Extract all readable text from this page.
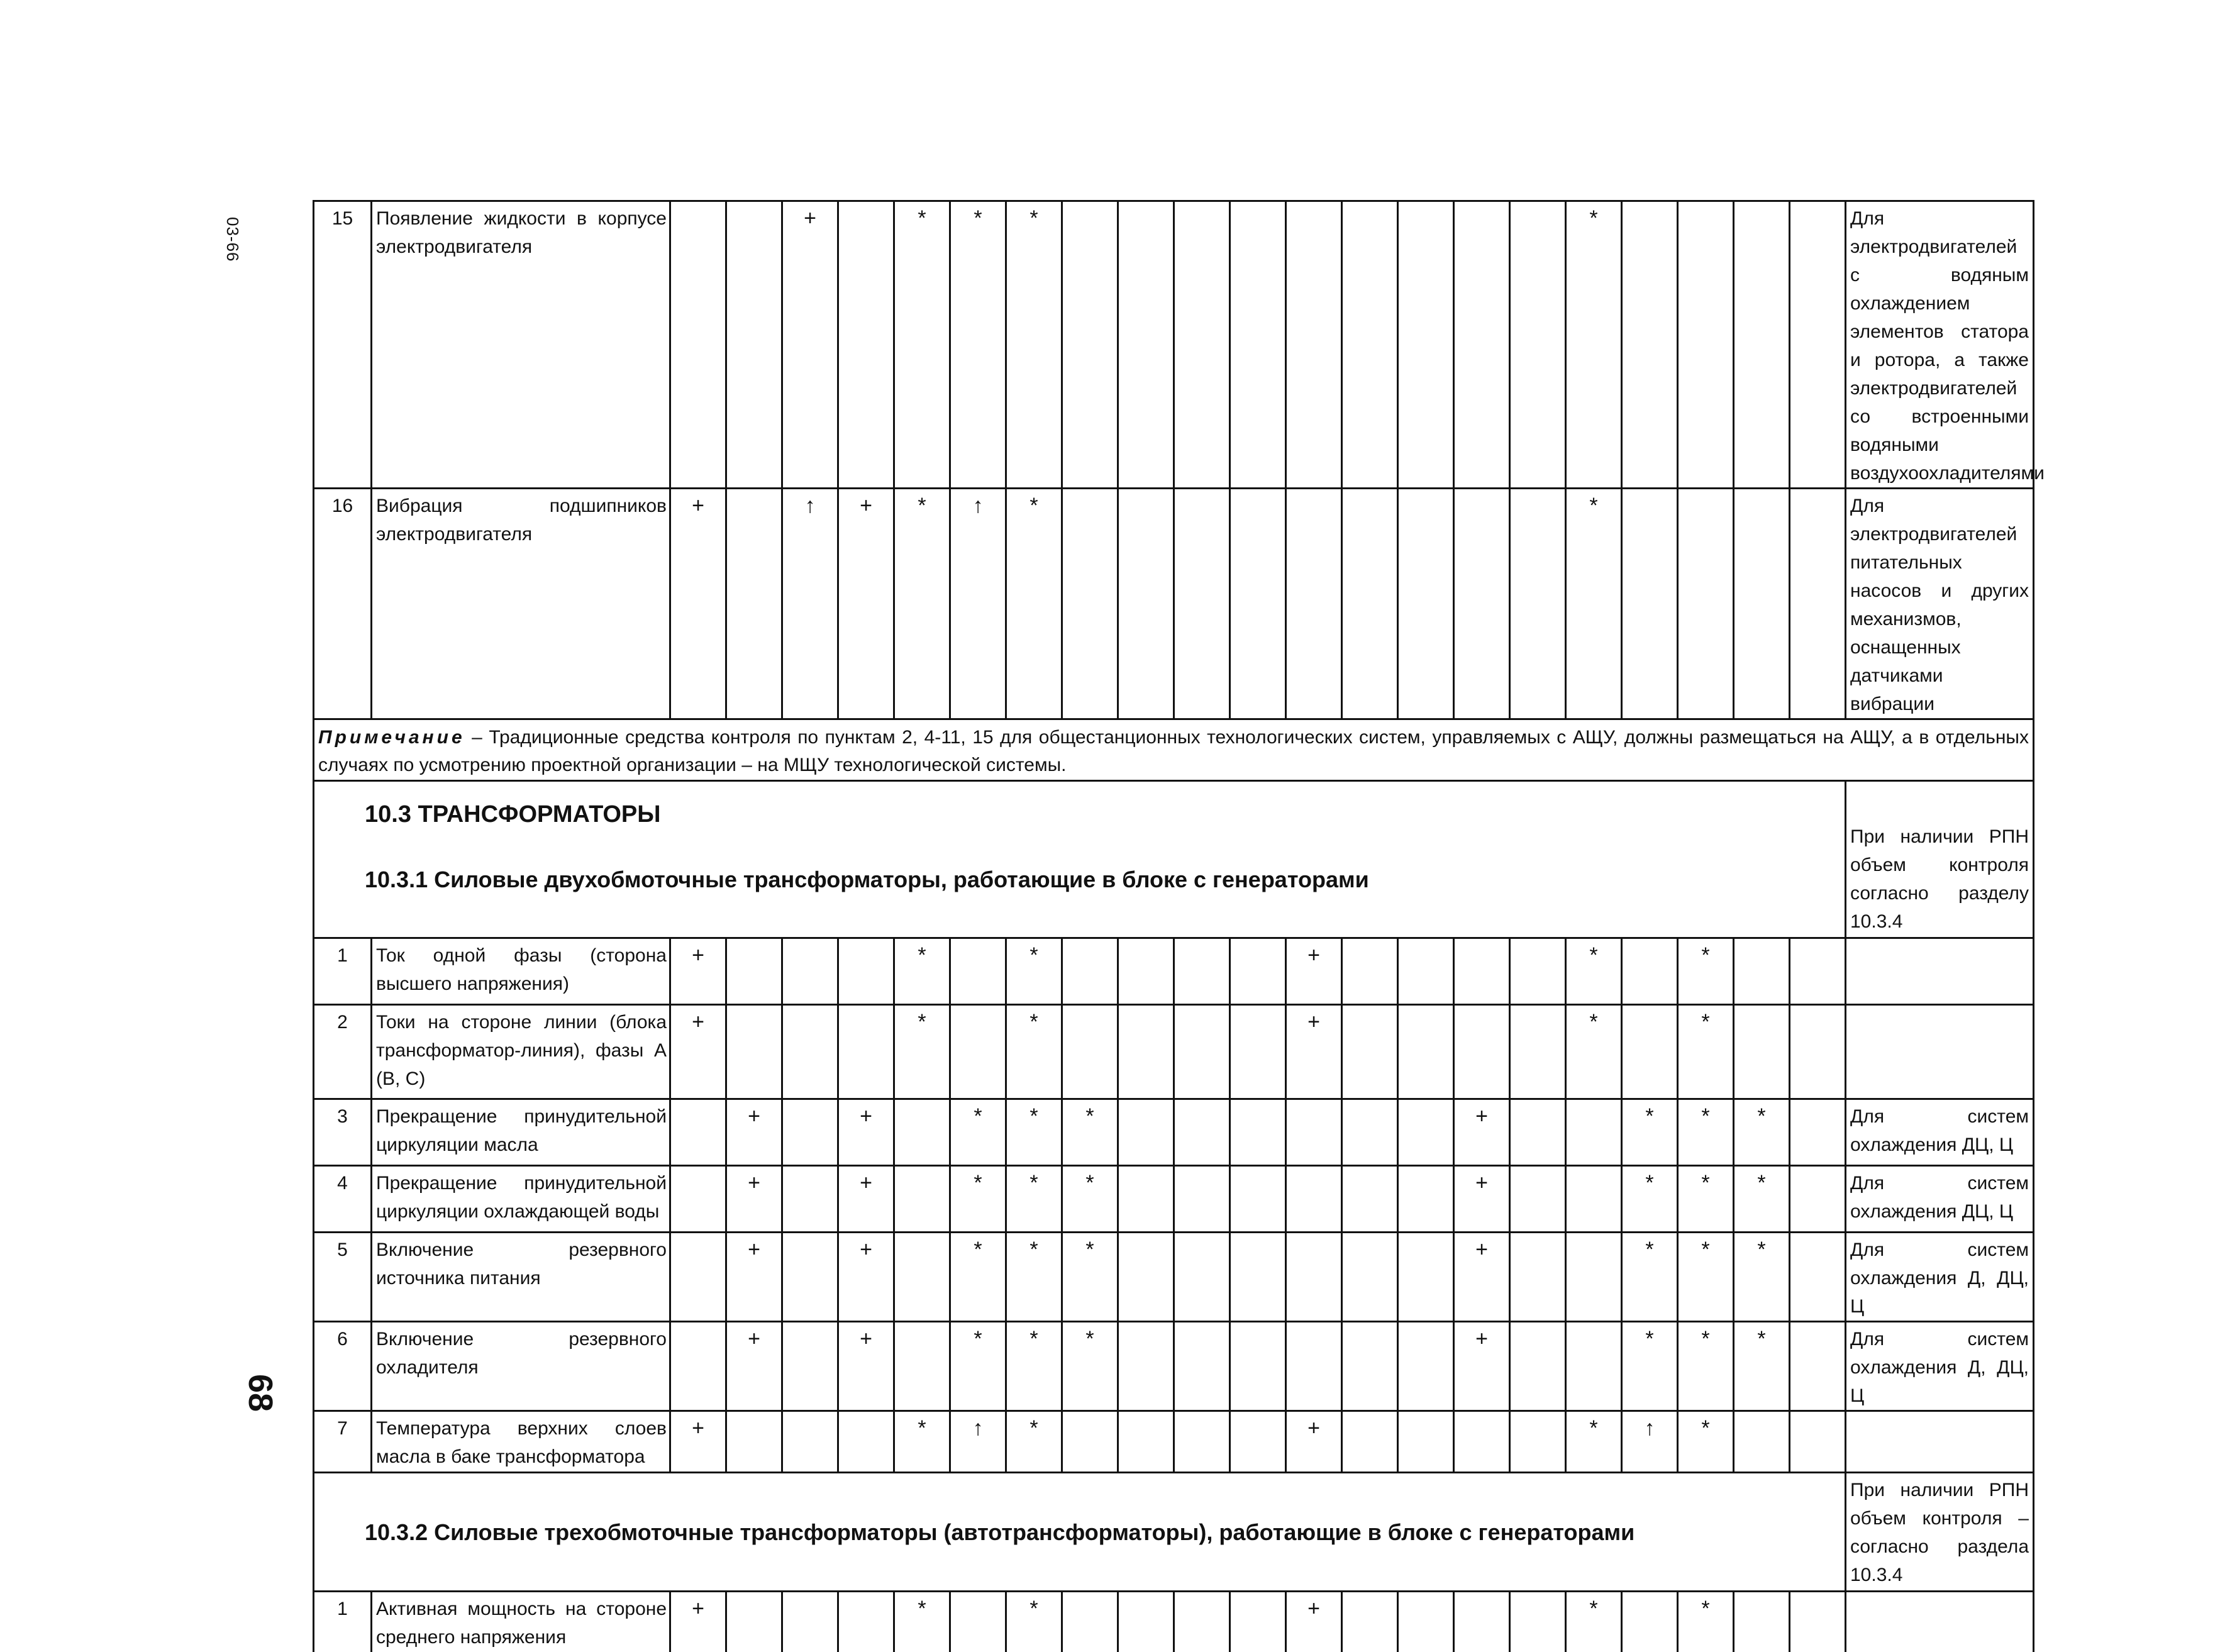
03-66
68
15	Появление жидкости в корпусе электродвигателя			+		*	*	*										*					Для электродвигателей с водяным охлаждением элементов статора и ротора, а также электродвигателей со встроенными водяными воздухоохладителями
16	Вибрация подшипников электродвигателя	+		↑	+	*	↑	*										*					Для электродвигателей питательных насосов и других механизмов, оснащенных датчиками вибрации
Примечание – Традиционные средства контроля по пунктам 2, 4-11, 15 для общестанционных технологических систем, управляемых с АЩУ, должны размещаться на АЩУ, а в отдельных случаях по усмотрению проектной организации – на МЩУ технологической системы.																							

10.3 ТРАНСФОРМАТОРЫ
10.3.1 Силовые двухобмоточные трансформаторы, работающие в блоке с генераторами																							При наличии РПН объем контроля согласно разделу 10.3.4
1	Ток одной фазы (сторона высшего напряжения)	+				*		*					+					*		*			
2	Токи на стороне линии (блока трансформатор-линия), фазы А (В, С)	+				*		*					+					*		*			
3	Прекращение принудительной циркуляции масла		+		+		*	*	*							+			*	*	*		Для систем охлаждения ДЦ, Ц
4	Прекращение принудительной циркуляции охлаждающей воды		+		+		*	*	*							+			*	*	*		Для систем охлаждения ДЦ, Ц
5	Включение резервного источника питания		+		+		*	*	*							+			*	*	*		Для систем охлаждения Д, ДЦ, Ц
6	Включение резервного охладителя		+		+		*	*	*							+			*	*	*		Для систем охлаждения Д, ДЦ, Ц
7	Температура верхних слоев масла в баке трансформатора	+				*	↑	*					+					*	↑	*			

10.3.2 Силовые трехобмоточные трансформаторы (автотрансформаторы), работающие в блоке с генераторами																							При наличии РПН объем контроля – согласно раздела 10.3.4
1	Активная мощность на стороне среднего напряжения	+				*		*					+					*		*			
